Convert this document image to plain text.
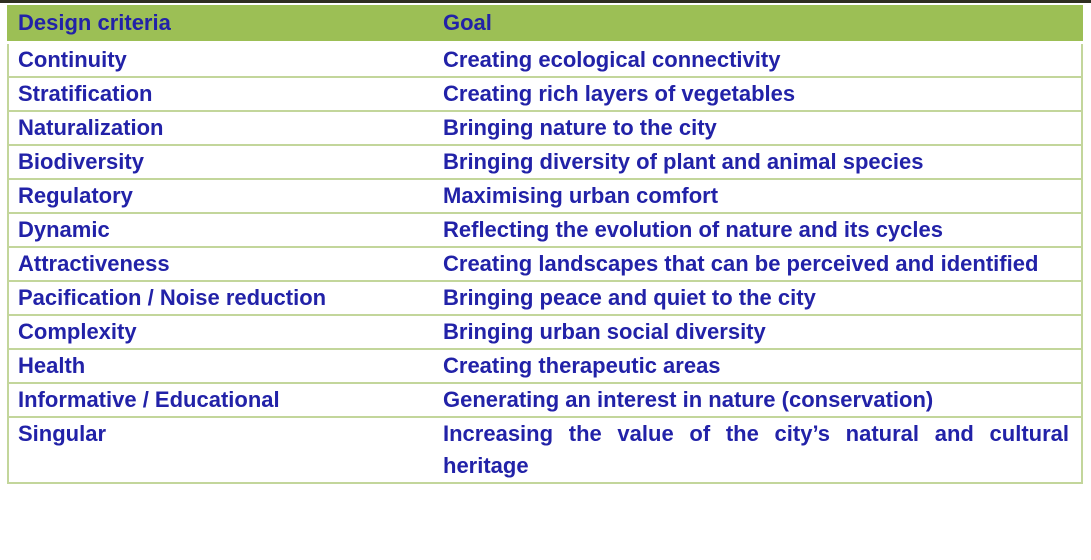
Design criteria	Goal
Continuity	Creating ecological connectivity
Stratification	Creating rich layers of vegetables
Naturalization	Bringing nature to the city
Biodiversity	Bringing diversity of plant and animal species
Regulatory	Maximising urban comfort
Dynamic	Reflecting the evolution of nature and its cycles
Attractiveness	Creating landscapes that can be perceived and identified
Pacification / Noise reduction	Bringing peace and quiet to the city
Complexity	Bringing urban social diversity
Health	Creating therapeutic areas
Informative / Educational	Generating an interest in nature (conservation)
Singular	Increasing the value of the city’s natural and cultural heritage
